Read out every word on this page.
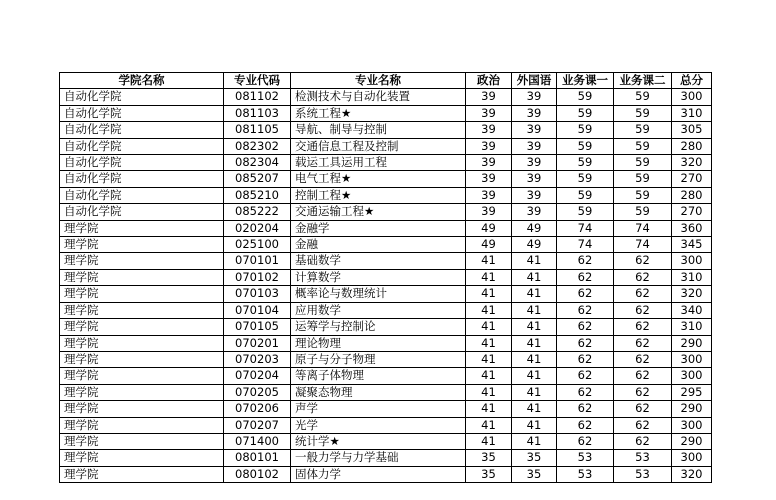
学院名称	专业代码	专业名称	政治	外国语	业务课一	业务课二	总分
自动化学院	081102	检测技术与自动化装置	39	39	59	59	300
自动化学院	081103	系统工程★	39	39	59	59	310
自动化学院	081105	导航、制导与控制	39	39	59	59	305
自动化学院	082302	交通信息工程及控制	39	39	59	59	280
自动化学院	082304	载运工具运用工程	39	39	59	59	320
自动化学院	085207	电气工程★	39	39	59	59	270
自动化学院	085210	控制工程★	39	39	59	59	280
自动化学院	085222	交通运输工程★	39	39	59	59	270
理学院	020204	金融学	49	49	74	74	360
理学院	025100	金融	49	49	74	74	345
理学院	070101	基础数学	41	41	62	62	300
理学院	070102	计算数学	41	41	62	62	310
理学院	070103	概率论与数理统计	41	41	62	62	320
理学院	070104	应用数学	41	41	62	62	340
理学院	070105	运筹学与控制论	41	41	62	62	310
理学院	070201	理论物理	41	41	62	62	290
理学院	070203	原子与分子物理	41	41	62	62	300
理学院	070204	等离子体物理	41	41	62	62	300
理学院	070205	凝聚态物理	41	41	62	62	295
理学院	070206	声学	41	41	62	62	290
理学院	070207	光学	41	41	62	62	300
理学院	071400	统计学★	41	41	62	62	290
理学院	080101	一般力学与力学基础	35	35	53	53	300
理学院	080102	固体力学	35	35	53	53	320
